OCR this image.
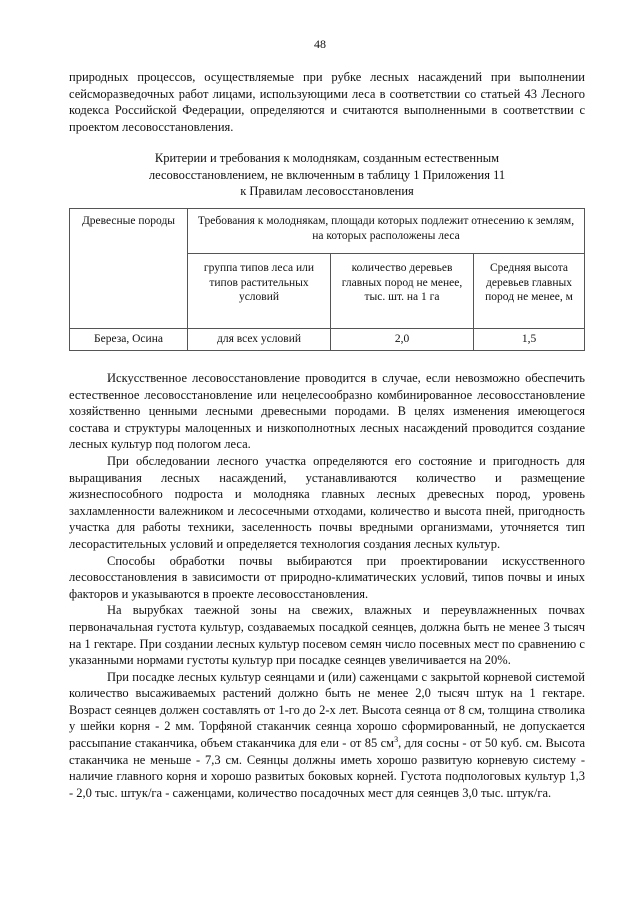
48

природных процессов, осуществляемые при рубке лесных насаждений при выполнении сейсморазведочных работ лицами, использующими леса в соответствии со статьей 43 Лесного кодекса Российской Федерации, определяются и считаются выполненными в соответствии с проектом лесовосстановления.

Критерии и требования к молоднякам, созданным естественным
лесовосстановлением, не включенным в таблицу 1 Приложения 11
к Правилам лесовосстановления
Древесные породы	Требования к молоднякам, площади которых подлежит отнесению к землям, на которых расположены леса		
	группа типов леса или типов растительных условий	количество деревьев главных пород не менее, тыс. шт. на 1 га	Средняя высота деревьев главных пород не менее, м
Береза, Осина	для всех условий	2,0	1,5

Искусственное лесовосстановление проводится в случае, если невозможно обеспечить естественное лесовосстановление или нецелесообразно комбинированное лесовосстановление хозяйственно ценными лесными древесными породами. В целях изменения имеющегося состава и структуры малоценных и низкополнотных лесных насаждений проводится создание лесных культур под пологом леса.

При обследовании лесного участка определяются его состояние и пригодность для выращивания лесных насаждений, устанавливаются количество и размещение жизнеспособного подроста и молодняка главных лесных древесных пород, уровень захламленности валежником и лесосечными отходами, количество и высота пней, пригодность участка для работы техники, заселенность почвы вредными организмами, уточняется тип лесорастительных условий и определяется технология создания лесных культур.

Способы обработки почвы выбираются при проектировании искусственного лесовосстановления в зависимости от природно-климатических условий, типов почвы и иных факторов и указываются в проекте лесовосстановления.

На вырубках таежной зоны на свежих, влажных и переувлажненных почвах первоначальная густота культур, создаваемых посадкой сеянцев, должна быть не менее 3 тысяч на 1 гектаре. При создании лесных культур посевом семян число посевных мест по сравнению с указанными нормами густоты культур при посадке сеянцев увеличивается на 20%.

При посадке лесных культур сеянцами и (или) саженцами с закрытой корневой системой количество высаживаемых растений должно быть не менее 2,0 тысяч штук на 1 гектаре. Возраст сеянцев должен составлять от 1-го до 2-х лет. Высота сеянца от 8 см, толщина стволика у шейки корня - 2 мм. Торфяной стаканчик сеянца хорошо сформированный, не допускается рассыпание стаканчика, объем стаканчика для ели - от 85 $см^3$, для сосны - от 50 куб. см. Высота стаканчика не меньше - 7,3 см. Сеянцы должны иметь хорошо развитую корневую систему - наличие главного корня и хорошо развитых боковых корней. Густота подпологовых культур 1,3 - 2,0 тыс. штук/га - саженцами, количество посадочных мест для сеянцев 3,0 тыс. штук/га.
